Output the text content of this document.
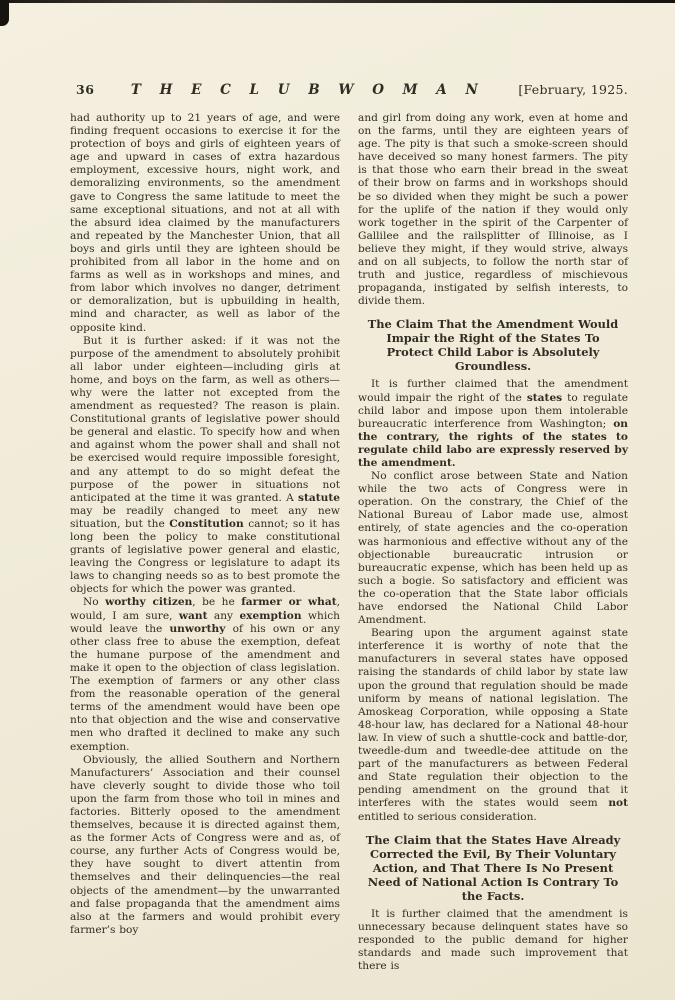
36	T H E C L U B W O M A N	[February, 1925.

had authority up to 21 years of age, and were finding frequent occasions to exercise it for the protection of boys and girls of eighteen years of age and upward in cases of extra hazardous employment, excessive hours, night work, and demoralizing environments, so the amendment gave to Congress the same latitude to meet the same exceptional situations, and not at all with the absurd idea claimed by the manufacturers and repeated by the Manchester Union, that all boys and girls until they are ighteen should be prohibited from all labor in the home and on farms as well as in workshops and mines, and from labor which involves no danger, detriment or demoralization, but is upbuilding in health, mind and character, as well as labor of the opposite kind.

But it is further asked: if it was not the purpose of the amendment to absolutely prohibit all labor under eighteen—including girls at home, and boys on the farm, as well as others—why were the latter not excepted from the amendment as requested? The reason is plain. Constitutional grants of legislative power should be general and elastic. To specify how and when and against whom the power shall and shall not be exercised would require impossible foresight, and any attempt to do so might defeat the purpose of the power in situations not anticipated at the time it was granted. A statute may be readily changed to meet any new situation, but the Constitution cannot; so it has long been the policy to make constitutional grants of legislative power general and elastic, leaving the Congress or legislature to adapt its laws to changing needs so as to best promote the objects for which the power was granted.

No worthy citizen, be he farmer or what, would, I am sure, want any exemption which would leave the unworthy of his own or any other class free to abuse the exemption, defeat the humane purpose of the amendment and make it open to the objection of class legislation. The exemption of farmers or any other class from the reasonable operation of the general terms of the amendment would have been ope nto that objection and the wise and conservative men who drafted it declined to make any such exemption.

Obviously, the allied Southern and Northern Manufacturers’ Association and their counsel have cleverly sought to divide those who toil upon the farm from those who toil in mines and factories. Bitterly oposed to the amendment themselves, because it is directed against them, as the former Acts of Congress were and as, of course, any further Acts of Congress would be, they have sought to divert attentin from themselves and their delinquencies—the real objects of the amendment—by the unwarranted and false propaganda that the amendment aims also at the farmers and would prohibit every farmer’s boy

and girl from doing any work, even at home and on the farms, until they are eighteen years of age. The pity is that such a smoke-screen should have deceived so many honest farmers. The pity is that those who earn their bread in the sweat of their brow on farms and in workshops should be so divided when they might be such a power for the uplife of the nation if they would only work together in the spirit of the Carpenter of Gallilee and the railsplitter of Illinoise, as I believe they might, if they would strive, always and on all subjects, to follow the north star of truth and justice, regardless of mischievous propaganda, instigated by selfish interests, to divide them.

The Claim That the Amendment Would Impair the Right of the States To Protect Child Labor is Absolutely Groundless.

It is further claimed that the amendment would impair the right of the states to regulate child labor and impose upon them intolerable bureaucratic interference from Washington; on the contrary, the rights of the states to regulate child labo are expressly reserved by the amendment.

No conflict arose between State and Nation while the two acts of Congress were in operation. On the constrary, the Chief of the National Bureau of Labor made use, almost entirely, of state agencies and the co-operation was harmonious and effective without any of the objectionable bureaucratic intrusion or bureaucratic expense, which has been held up as such a bogie. So satisfactory and efficient was the co-operation that the State labor officials have endorsed the National Child Labor Amendment.

Bearing upon the argument against state interference it is worthy of note that the manufacturers in several states have opposed raising the standards of child labor by state law upon the ground that regulation should be made uniform by means of national legislation. The Amoskeag Corporation, while opposing a State 48-hour law, has declared for a National 48-hour law. In view of such a shuttle-cock and battle-dor, tweedle-dum and tweedle-dee attitude on the part of the manufacturers as between Federal and State regulation their objection to the pending amendment on the ground that it interferes with the states would seem not entitled to serious consideration.

The Claim that the States Have Already Corrected the Evil, By Their Voluntary Action, and That There Is No Present Need of National Action Is Contrary To the Facts.

It is further claimed that the amendment is unnecessary because delinquent states have so responded to the public demand for higher standards and made such improvement that there is
